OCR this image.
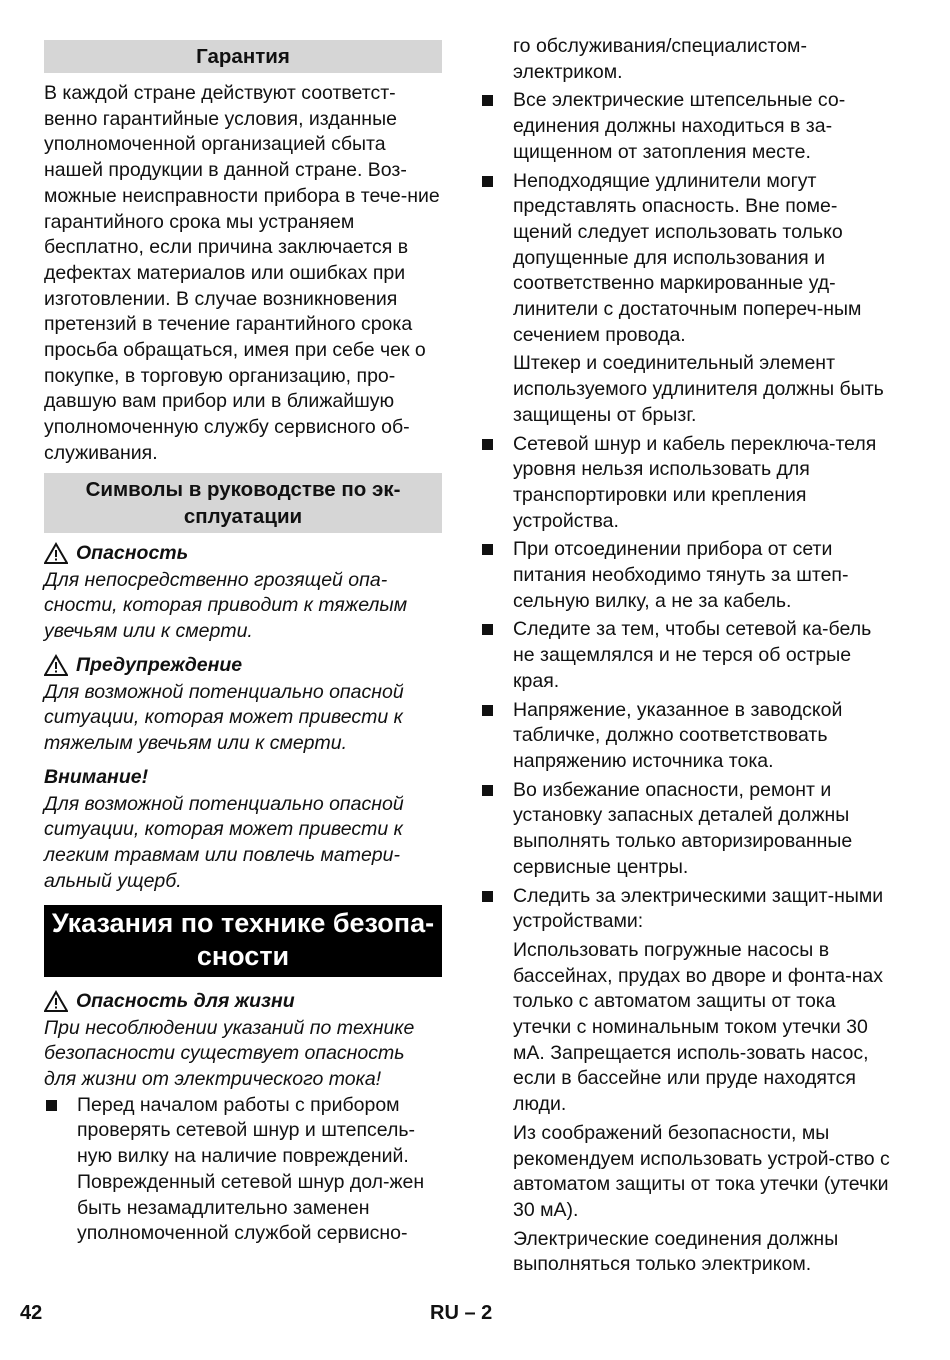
Гарантия

В каждой стране действуют соответст-венно гарантийные условия, изданные уполномоченной организацией сбыта нашей продукции в данной стране. Воз-можные неисправности прибора в тече-ние гарантийного срока мы устраняем бесплатно, если причина заключается в дефектах материалов или ошибках при изготовлении. В случае возникновения претензий в течение гарантийного срока просьба обращаться, имея при себе чек о покупке, в торговую организацию, про-давшую вам прибор или в ближайшую уполномоченную службу сервисного об-служивания.

Символы в руководстве по эк-сплуатации
Опасность

Для непосредственно грозящей опа-сности, которая приводит к тяжелым увечьям или к смерти.

Предупреждение

Для возможной потенциально опасной ситуации, которая может привести к тяжелым увечьям или к смерти.

Внимание!

Для возможной потенциально опасной ситуации, которая может привести к легким травмам или повлечь матери-альный ущерб.

Указания по технике безопа-сности
Опасность для жизни

При несоблюдении указаний по технике безопасности существует опасность для жизни от электрического тока!

Перед началом работы с прибором проверять сетевой шнур и штепсель-ную вилку на наличие повреждений. Поврежденный сетевой шнур дол-жен быть незамадлительно заменен уполномоченной службой сервисно-

го обслуживания/специалистом-электриком.

Все электрические штепсельные со-единения должны находиться в за-щищенном от затопления месте.
Неподходящие удлинители могут представлять опасность. Вне поме-щений следует использовать только допущенные для использования и соответственно маркированные уд-линители с достаточным попереч-ным сечением провода.

Штекер и соединительный элемент используемого удлинителя должны быть защищены от брызг.

Сетевой шнур и кабель переключа-теля уровня нельзя использовать для транспортировки или крепления устройства.
При отсоединении прибора от сети питания необходимо тянуть за штеп-сельную вилку, а не за кабель.
Следите за тем, чтобы сетевой ка-бель не защемлялся и не терся об острые края.
Напряжение, указанное в заводской табличке, должно соответствовать напряжению источника тока.
Во избежание опасности, ремонт и установку запасных деталей должны выполнять только авторизированные сервисные центры.
Следить за электрическими защит-ными устройствами:

Использовать погружные насосы в бассейнах, прудах во дворе и фонта-нах только с автоматом защиты от тока утечки с номинальным током утечки 30 мА. Запрещается исполь-зовать насос, если в бассейне или пруде находятся люди.

Из соображений безопасности, мы рекомендуем использовать устрой-ство с автоматом защиты от тока утечки (утечки 30 мА).

Электрические соединения должны выполняться только электриком.

42	RU – 2
